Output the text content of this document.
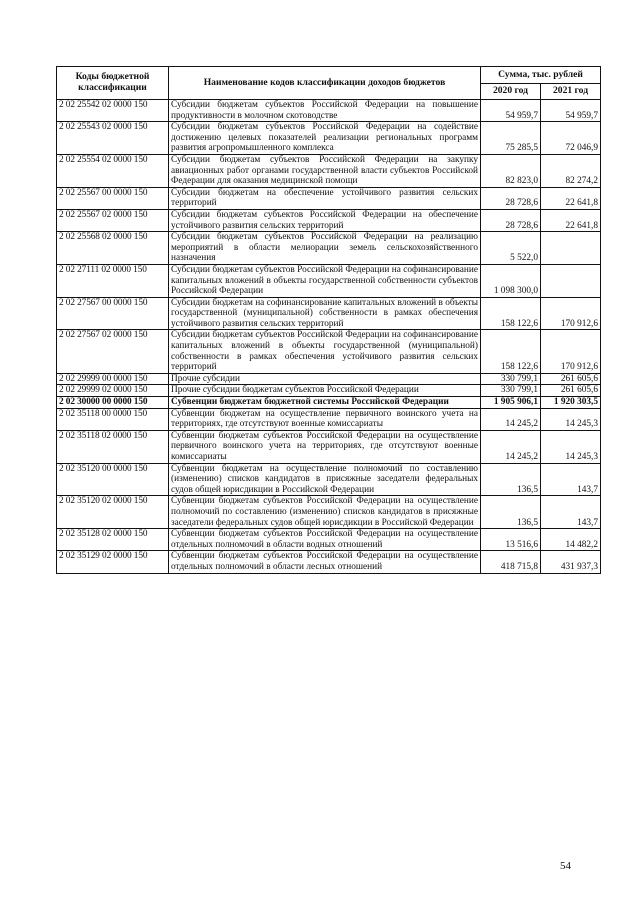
Коды бюджетной классификации	Наименование кодов классификации доходов бюджетов	Сумма, тыс. рублей	
		2020 год	2021 год
2 02 25542 02 0000 150	Субсидии бюджетам субъектов Российской Федерации на повышение продуктивности в молочном скотоводстве	54 959,7	54 959,7
2 02 25543 02 0000 150	Субсидии бюджетам субъектов Российской Федерации на содействие достижению целевых показателей реализации региональных программ развития агропромышленного комплекса	75 285,5	72 046,9
2 02 25554 02 0000 150	Субсидии бюджетам субъектов Российской Федерации на закупку авиационных работ органами государственной власти субъектов Российской Федерации для оказания медицинской помощи	82 823,0	82 274,2
2 02 25567 00 0000 150	Субсидии бюджетам на обеспечение устойчивого развития сельских территорий	28 728,6	22 641,8
2 02 25567 02 0000 150	Субсидии бюджетам субъектов Российской Федерации на обеспечение устойчивого развития сельских территорий	28 728,6	22 641,8
2 02 25568 02 0000 150	Субсидии бюджетам субъектов Российской Федерации на реализацию мероприятий в области мелиорации земель сельскохозяйственного назначения	5 522,0	
2 02 27111 02 0000 150	Субсидии бюджетам субъектов Российской Федерации на софинансирование капитальных вложений в объекты государственной собственности субъектов Российской Федерации	1 098 300,0	
2 02 27567 00 0000 150	Субсидии бюджетам на софинансирование капитальных вложений в объекты государственной (муниципальной) собственности в рамках обеспечения устойчивого развития сельских территорий	158 122,6	170 912,6
2 02 27567 02 0000 150	Субсидии бюджетам субъектов Российской Федерации на софинансирование капитальных вложений в объекты государственной (муниципальной) собственности в рамках обеспечения устойчивого развития сельских территорий	158 122,6	170 912,6
2 02 29999 00 0000 150	Прочие субсидии	330 799,1	261 605,6
2 02 29999 02 0000 150	Прочие субсидии бюджетам субъектов Российской Федерации	330 799,1	261 605,6
2 02 30000 00 0000 150	Субвенции бюджетам бюджетной системы Российской Федерации	1 905 906,1	1 920 303,5
2 02 35118 00 0000 150	Субвенции бюджетам на осуществление первичного воинского учета на территориях, где отсутствуют военные комиссариаты	14 245,2	14 245,3
2 02 35118 02 0000 150	Субвенции бюджетам субъектов Российской Федерации на осуществление первичного воинского учета на территориях, где отсутствуют военные комиссариаты	14 245,2	14 245,3
2 02 35120 00 0000 150	Субвенции бюджетам на осуществление полномочий по составлению (изменению) списков кандидатов в присяжные заседатели федеральных судов общей юрисдикции в Российской Федерации	136,5	143,7
2 02 35120 02 0000 150	Субвенции бюджетам субъектов Российской Федерации на осуществление полномочий по составлению (изменению) списков кандидатов в присяжные заседатели федеральных судов общей юрисдикции в Российской Федерации	136,5	143,7
2 02 35128 02 0000 150	Субвенции бюджетам субъектов Российской Федерации на осуществление отдельных полномочий в области водных отношений	13 516,6	14 482,2
2 02 35129 02 0000 150	Субвенции бюджетам субъектов Российской Федерации на осуществление отдельных полномочий в области лесных отношений	418 715,8	431 937,3
54
